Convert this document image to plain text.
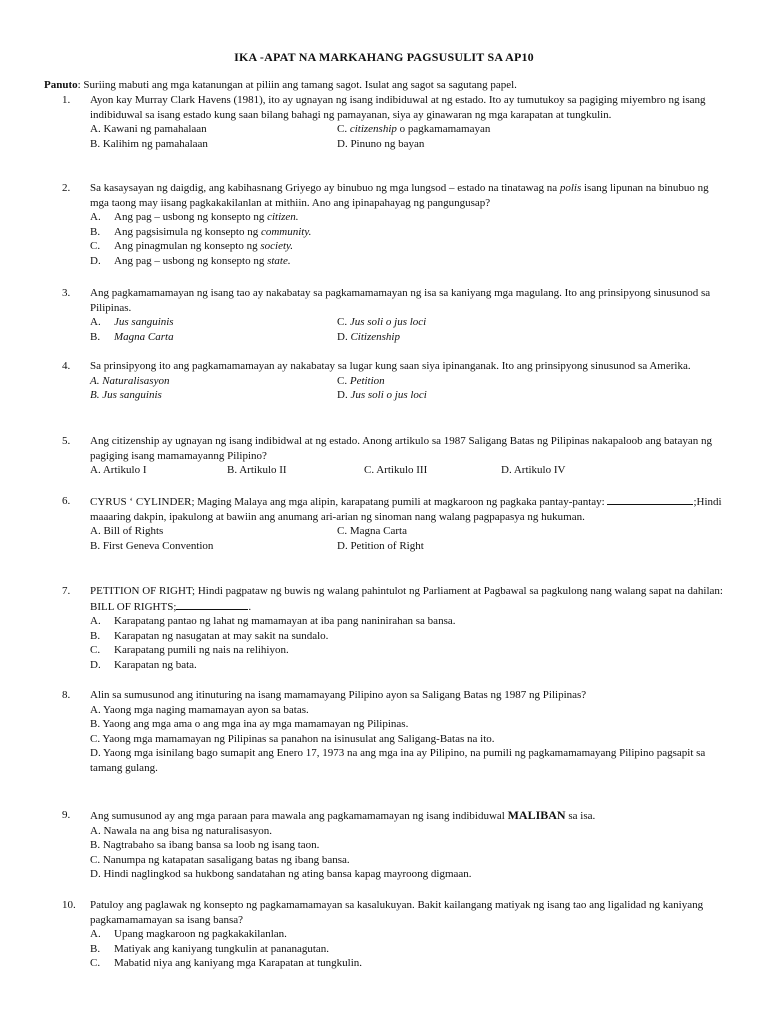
IKA -APAT NA MARKAHANG PAGSUSULIT SA AP10
Panuto: Suriing mabuti ang mga katanungan at piliin ang tamang sagot. Isulat ang sagot sa sagutang papel.
1.	Ayon kay Murray Clark Havens (1981), ito ay ugnayan ng isang indibiduwal at ng estado. Ito ay tumutukoy sa pagiging miyembro ng isang indibiduwal sa isang estado kung saan bilang bahagi ng pamayanan, siya ay ginawaran ng mga karapatan at tungkulin.
A. Kawani ng pamahalaan	C. citizenship o pagkamamamayan
B. Kalihim ng pamahalaan	D. Pinuno ng bayan
2.	Sa kasaysayan ng daigdig, ang kabihasnang Griyego ay binubuo ng mga lungsod – estado na tinatawag na polis isang lipunan na binubuo ng mga taong may iisang pagkakakilanlan at mithiin. Ano ang ipinapahayag ng pangungusap?
A. Ang pag – usbong ng konsepto ng citizen.
B. Ang pagsisimula ng konsepto ng community.
C. Ang pinagmulan ng konsepto ng society.
D. Ang pag – usbong ng konsepto ng state.
3.	Ang pagkamamamayan ng isang tao ay nakabatay sa pagkamamamayan ng isa sa kaniyang mga magulang. Ito ang prinsipyong sinusunod sa Pilipinas.
A. Jus sanguinis	C. Jus soli o jus loci
B. Magna Carta	D. Citizenship
4.	Sa prinsipyong ito ang pagkamamamayan ay nakabatay sa lugar kung saan siya ipinanganak. Ito ang prinsipyong sinusunod sa Amerika.
A. Naturalisasyon	C. Petition
B. Jus sanguinis	D. Jus soli o jus loci
5.	Ang citizenship ay ugnayan ng isang indibidwal at ng estado. Anong artikulo sa 1987 Saligang Batas ng Pilipinas nakapaloob ang batayan ng pagiging isang mamamayanng Pilipino?
A. Artikulo I	B. Artikulo II	C. Artikulo III	D. Artikulo IV
6.	CYRUS ‘ CYLINDER; Maging Malaya ang mga alipin, karapatang pumili at magkaroon ng pagkaka pantay-pantay:	;Hindi maaaring dakpin, ipakulong at bawiin ang anumang ari-arian ng sinoman nang walang pagpapasya ng hukuman.
A. Bill of Rights	C. Magna Carta
B. First Geneva Convention	D. Petition of Right
7.	PETITION OF RIGHT; Hindi pagpataw ng buwis ng walang pahintulot ng Parliament at Pagbawal sa pagkulong nang walang sapat na dahilan: BILL OF RIGHTS;	.
A. Karapatang pantao ng lahat ng mamamayan at iba pang naninirahan sa bansa.
B. Karapatan ng nasugatan at may sakit na sundalo.
C. Karapatang pumili ng nais na relihiyon.
D. Karapatan ng bata.
8.	Alin sa sumusunod ang itinuturing na isang mamamayang Pilipino ayon sa Saligang Batas ng 1987 ng Pilipinas?
A. Yaong mga naging mamamayan ayon sa batas.
B. Yaong ang mga ama o ang mga ina ay mga mamamayan ng Pilipinas.
C. Yaong mga mamamayan ng Pilipinas sa panahon na isinusulat ang Saligang-Batas na ito.
D. Yaong mga isinilang bago sumapit ang Enero 17, 1973 na ang mga ina ay Pilipino, na pumili ng pagkamamamayang Pilipino pagsapit sa tamang gulang.
9.	Ang sumusunod ay ang mga paraan para mawala ang pagkamamamayan ng isang indibiduwal MALIBAN sa isa.
A. Nawala na ang bisa ng naturalisasyon.
B. Nagtrabaho sa ibang bansa sa loob ng isang taon.
C. Nanumpa ng katapatan sasaligang batas ng ibang bansa.
D. Hindi naglingkod sa hukbong sandatahan ng ating bansa kapag mayroong digmaan.
10.	Patuloy ang paglawak ng konsepto ng pagkamamamayan sa kasalukuyan. Bakit kailangang matiyak ng isang tao ang ligalidad ng kaniyang pagkamamamayan sa isang bansa?
A. Upang magkaroon ng pagkakakilanlan.
B. Matiyak ang kaniyang tungkulin at pananagutan.
C. Mabatid niya ang kaniyang mga Karapatan at tungkulin.
